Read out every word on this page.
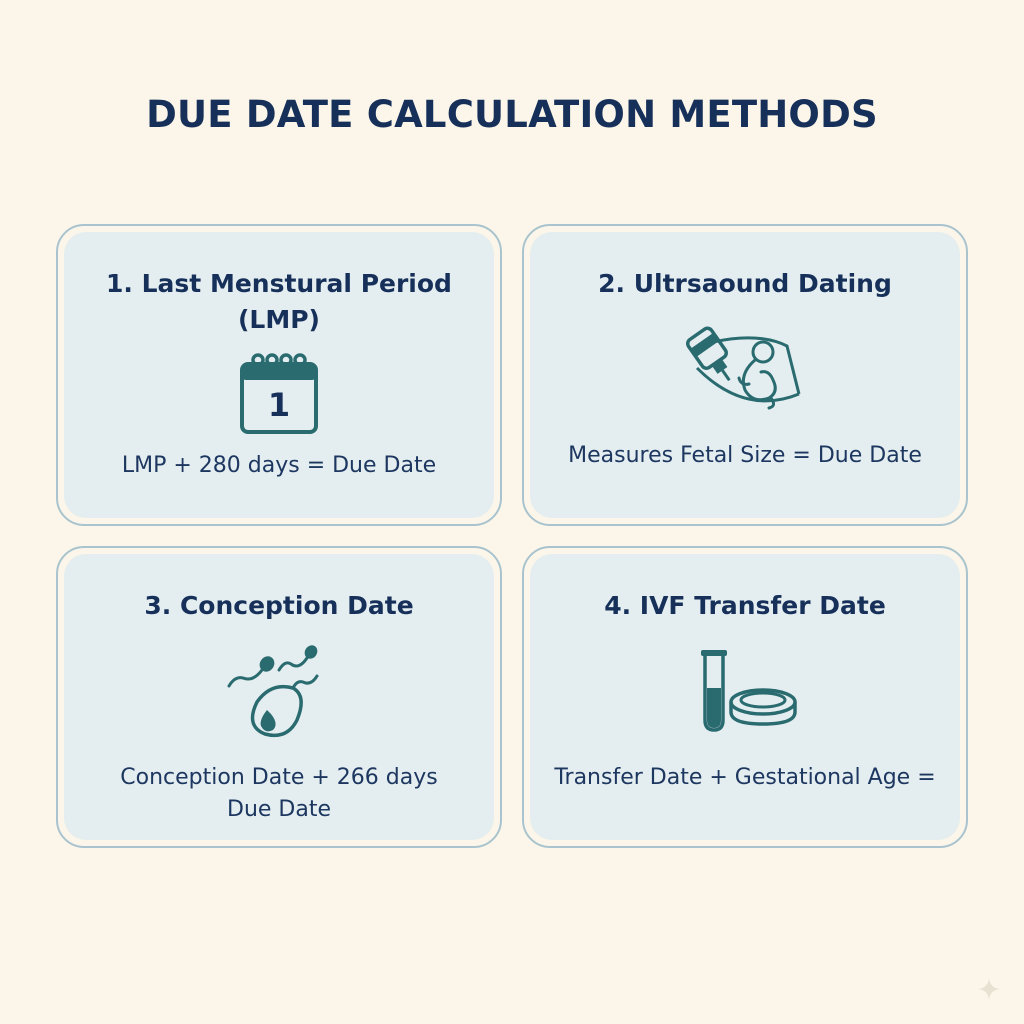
DUE DATE CALCULATION METHODS
1. Last Menstural Period
(LMP)
1
LMP + 280 days = Due Date
2. Ultrsaound Dating
Measures Fetal Size = Due Date
3. Conception Date
Conception Date + 266 days
Due Date
4. IVF Transfer Date
Transfer Date + Gestational Age =
